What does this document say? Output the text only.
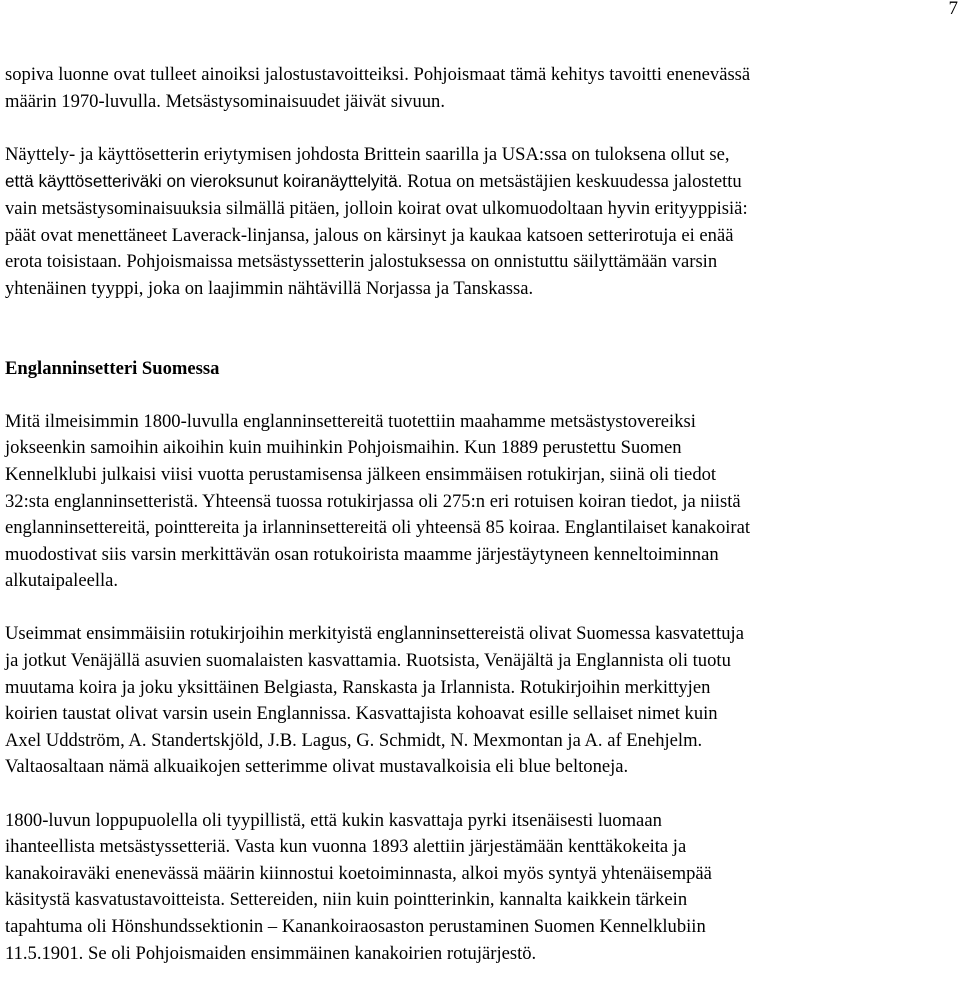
7
sopiva luonne ovat tulleet ainoiksi jalostustavoitteiksi. Pohjoismaat tämä kehitys tavoitti enenevässä
määrin 1970-luvulla. Metsästysominaisuudet jäivät sivuun.
Näyttely- ja käyttösetterin eriytymisen johdosta Brittein saarilla ja USA:ssa on tuloksena ollut se,
että käyttösetteriväki on vieroksunut koiranäyttelyitä. Rotua on metsästäjien keskuudessa jalostettu
vain metsästysominaisuuksia silmällä pitäen, jolloin koirat ovat ulkomuodoltaan hyvin erityyppisiä:
päät ovat menettäneet Laverack-linjansa, jalous on kärsinyt ja kaukaa katsoen setterirotuja ei enää
erota toisistaan. Pohjoismaissa metsästyssetterin jalostuksessa on onnistuttu säilyttämään varsin
yhtenäinen tyyppi, joka on laajimmin nähtävillä Norjassa ja Tanskassa.
Englanninsetteri Suomessa
Mitä ilmeisimmin 1800-luvulla englanninsettereitä tuotettiin maahamme metsästystovereiksi
jokseenkin samoihin aikoihin kuin muihinkin Pohjoismaihin. Kun 1889 perustettu Suomen
Kennelklubi julkaisi viisi vuotta perustamisensa jälkeen ensimmäisen rotukirjan, siinä oli tiedot
32:sta englanninsetteristä. Yhteensä tuossa rotukirjassa oli 275:n eri rotuisen koiran tiedot, ja niistä
englanninsettereitä, pointtereita ja irlanninsettereitä oli yhteensä 85 koiraa. Englantilaiset kanakoirat
muodostivat siis varsin merkittävän osan rotukoirista maamme järjestäytyneen kenneltoiminnan
alkutaipaleella.
Useimmat ensimmäisiin rotukirjoihin merkityistä englanninsettereistä olivat Suomessa kasvatettuja
ja jotkut Venäjällä asuvien suomalaisten kasvattamia. Ruotsista, Venäjältä ja Englannista oli tuotu
muutama koira ja joku yksittäinen Belgiasta, Ranskasta ja Irlannista. Rotukirjoihin merkittyjen
koirien taustat olivat varsin usein Englannissa. Kasvattajista kohoavat esille sellaiset nimet kuin
Axel Uddström, A. Standertskjöld, J.B. Lagus, G. Schmidt, N. Mexmontan ja A. af Enehjelm.
Valtaosaltaan nämä alkuaikojen setterimme olivat mustavalkoisia eli blue beltoneja.
1800-luvun loppupuolella oli tyypillistä, että kukin kasvattaja pyrki itsenäisesti luomaan
ihanteellista metsästyssetteriä. Vasta kun vuonna 1893 alettiin järjestämään kenttäkokeita ja
kanakoiraväki enenevässä määrin kiinnostui koetoiminnasta, alkoi myös syntyä yhtenäisempää
käsitystä kasvatustavoitteista. Settereiden, niin kuin pointterinkin, kannalta kaikkein tärkein
tapahtuma oli Hönshundssektionin – Kanankoiraosaston perustaminen Suomen Kennelklubiin
11.5.1901. Se oli Pohjoismaiden ensimmäinen kanakoirien rotujärjestö.
